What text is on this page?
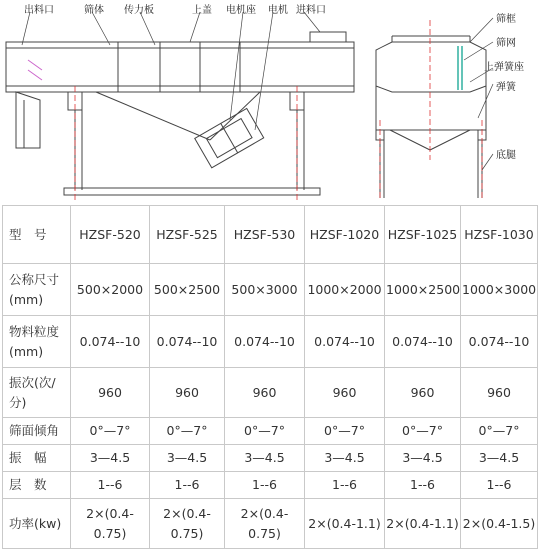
出料口	筛体 传力板	上盖 电机座 电机 进料口
筛框
筛网
上弹簧座
弹簧
底腿
型　号	HZSF-520	HZSF-525	HZSF-530	HZSF-1020	HZSF-1025	HZSF-1030
公称尺寸(mm)	500×2000	500×2500	500×3000	1000×2000	1000×2500	1000×3000
物料粒度(mm)	0.074--10	0.074--10	0.074--10	0.074--10	0.074--10	0.074--10
振次(次/分)	960	960	960	960	960	960
筛面倾角	0°—7°	0°—7°	0°—7°	0°—7°	0°—7°	0°—7°
振　幅	3—4.5	3—4.5	3—4.5	3—4.5	3—4.5	3—4.5
层　数	1--6	1--6	1--6	1--6	1--6	1--6
功率(kw)	2×(0.4-0.75)	2×(0.4-0.75)	2×(0.4-0.75)	2×(0.4-1.1)	2×(0.4-1.1)	2×(0.4-1.5)
